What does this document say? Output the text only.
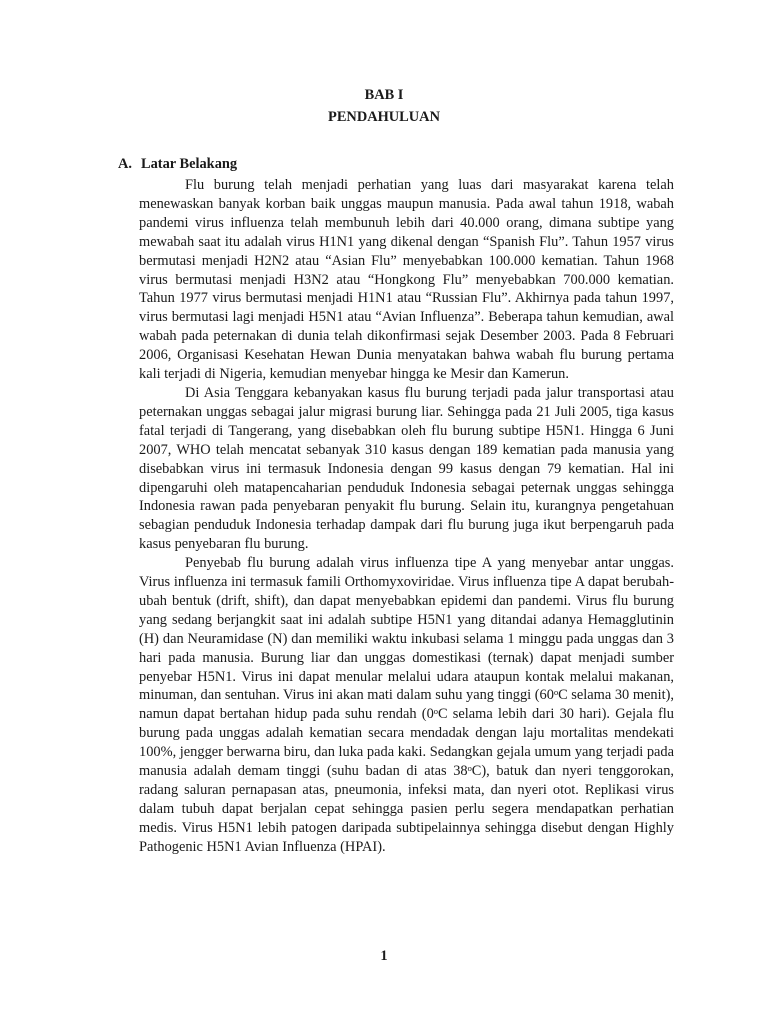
BAB I
PENDAHULUAN
A. Latar Belakang

Flu burung telah menjadi perhatian yang luas dari masyarakat karena telah menewaskan banyak korban baik unggas maupun manusia. Pada awal tahun 1918, wabah pandemi virus influenza telah membunuh lebih dari 40.000 orang, dimana subtipe yang mewabah saat itu adalah virus H1N1 yang dikenal dengan “Spanish Flu”. Tahun 1957 virus bermutasi menjadi H2N2 atau “Asian Flu” menyebabkan 100.000 kematian. Tahun 1968 virus bermutasi menjadi H3N2 atau “Hongkong Flu” menyebabkan 700.000 kematian. Tahun 1977 virus bermutasi menjadi H1N1 atau “Russian Flu”. Akhirnya pada tahun 1997, virus bermutasi lagi menjadi H5N1 atau “Avian Influenza”. Beberapa tahun kemudian, awal wabah pada peternakan di dunia telah dikonfirmasi sejak Desember 2003. Pada 8 Februari 2006, Organisasi Kesehatan Hewan Dunia menyatakan bahwa wabah flu burung pertama kali terjadi di Nigeria, kemudian menyebar hingga ke Mesir dan Kamerun.

Di Asia Tenggara kebanyakan kasus flu burung terjadi pada jalur transportasi atau peternakan unggas sebagai jalur migrasi burung liar. Sehingga pada 21 Juli 2005, tiga kasus fatal terjadi di Tangerang, yang disebabkan oleh flu burung subtipe H5N1. Hingga 6 Juni 2007, WHO telah mencatat sebanyak 310 kasus dengan 189 kematian pada manusia yang disebabkan virus ini termasuk Indonesia dengan 99 kasus dengan 79 kematian. Hal ini dipengaruhi oleh matapencaharian penduduk Indonesia sebagai peternak unggas sehingga Indonesia rawan pada penyebaran penyakit flu burung. Selain itu, kurangnya pengetahuan sebagian penduduk Indonesia terhadap dampak dari flu burung juga ikut berpengaruh pada kasus penyebaran flu burung.

Penyebab flu burung adalah virus influenza tipe A yang menyebar antar unggas. Virus influenza ini termasuk famili Orthomyxoviridae. Virus influenza tipe A dapat berubah-ubah bentuk (drift, shift), dan dapat menyebabkan epidemi dan pandemi. Virus flu burung yang sedang berjangkit saat ini adalah subtipe H5N1 yang ditandai adanya Hemagglutinin (H) dan Neuramidase (N) dan memiliki waktu inkubasi selama 1 minggu pada unggas dan 3 hari pada manusia. Burung liar dan unggas domestikasi (ternak) dapat menjadi sumber penyebar H5N1. Virus ini dapat menular melalui udara ataupun kontak melalui makanan, minuman, dan sentuhan. Virus ini akan mati dalam suhu yang tinggi (60ᵒC selama 30 menit), namun dapat bertahan hidup pada suhu rendah (0ᵒC selama lebih dari 30 hari). Gejala flu burung pada unggas adalah kematian secara mendadak dengan laju mortalitas mendekati 100%, jengger berwarna biru, dan luka pada kaki. Sedangkan gejala umum yang terjadi pada manusia adalah demam tinggi (suhu badan di atas 38ᵒC), batuk dan nyeri tenggorokan, radang saluran pernapasan atas, pneumonia, infeksi mata, dan nyeri otot. Replikasi virus dalam tubuh dapat berjalan cepat sehingga pasien perlu segera mendapatkan perhatian medis. Virus H5N1 lebih patogen daripada subtipelainnya sehingga disebut dengan Highly Pathogenic H5N1 Avian Influenza (HPAI).

1
